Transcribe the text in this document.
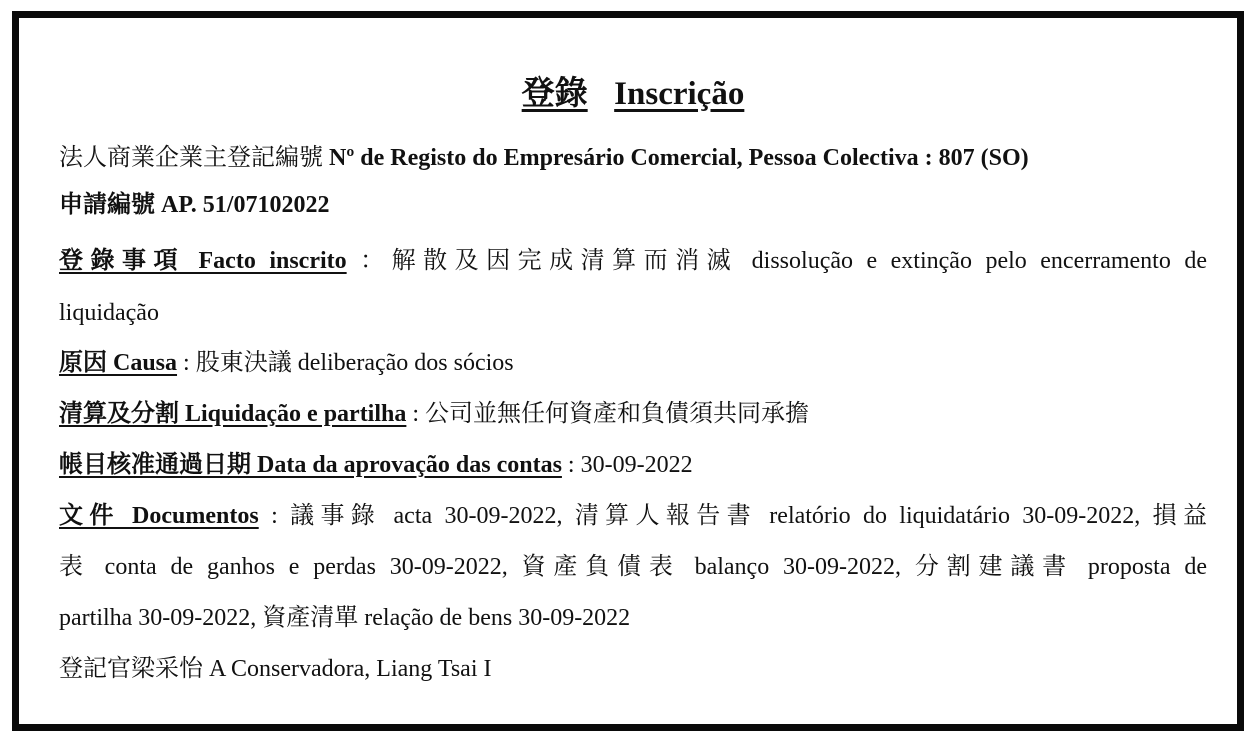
登錄 Inscrição
法人商業企業主登記編號 Nº de Registo do Empresário Comercial, Pessoa Colectiva : 807 (SO)
申請編號 AP. 51/07102022
登錄事項 Facto inscrito ：解散及因完成清算而消滅 dissolução e extinção pelo encerramento de
liquidação
原因 Causa : 股東決議 deliberação dos sócios
清算及分割 Liquidação e partilha : 公司並無任何資產和負債須共同承擔
帳目核准通過日期 Data da aprovação das contas : 30-09-2022
文件 Documentos : 議事錄 acta 30-09-2022, 清算人報告書 relatório do liquidatário 30-09-2022, 損益
表 conta de ganhos e perdas 30-09-2022, 資產負債表 balanço 30-09-2022, 分割建議書 proposta de
partilha 30-09-2022, 資產清單 relação de bens 30-09-2022
登記官梁采怡 A Conservadora, Liang Tsai I
